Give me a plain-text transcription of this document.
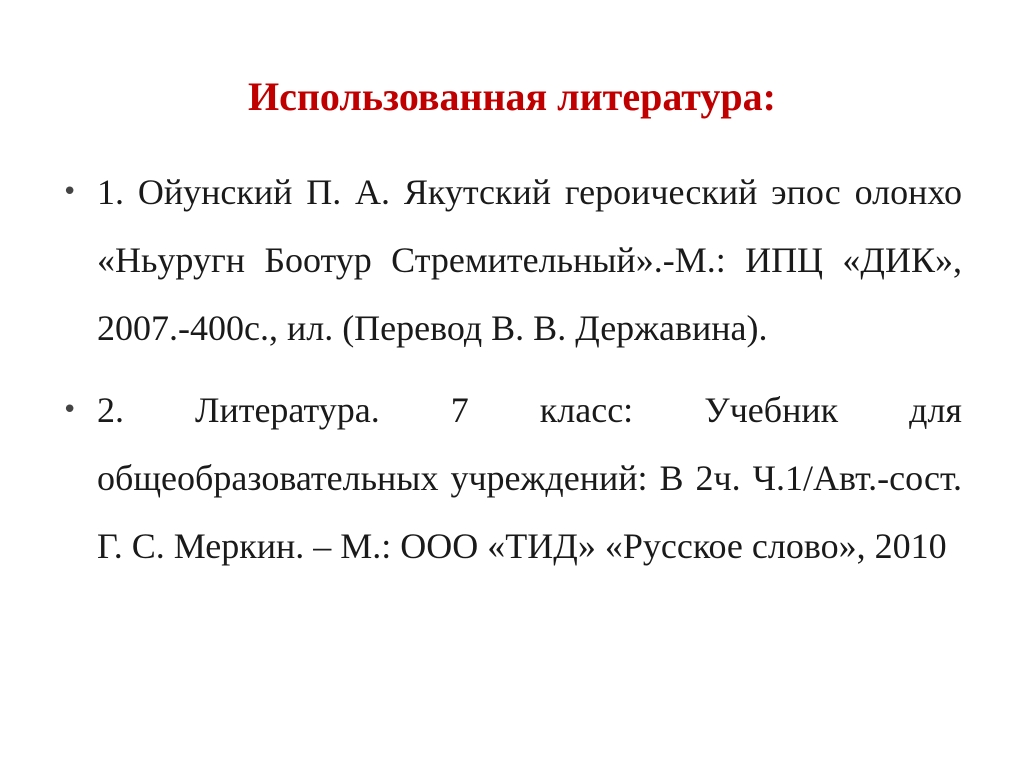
Использованная литература:
• 1. Ойунский П. А. Якутский героический эпос олонхо «Ньуругн Боотур Стремительный».-М.: ИПЦ «ДИК», 2007.-400с., ил. (Перевод В. В. Державина).
• 2. Литература. 7 класс: Учебник для общеобразовательных учреждений: В 2ч. Ч.1/Авт.-сост. Г. С. Меркин. – М.: ООО «ТИД» «Русское слово», 2010
